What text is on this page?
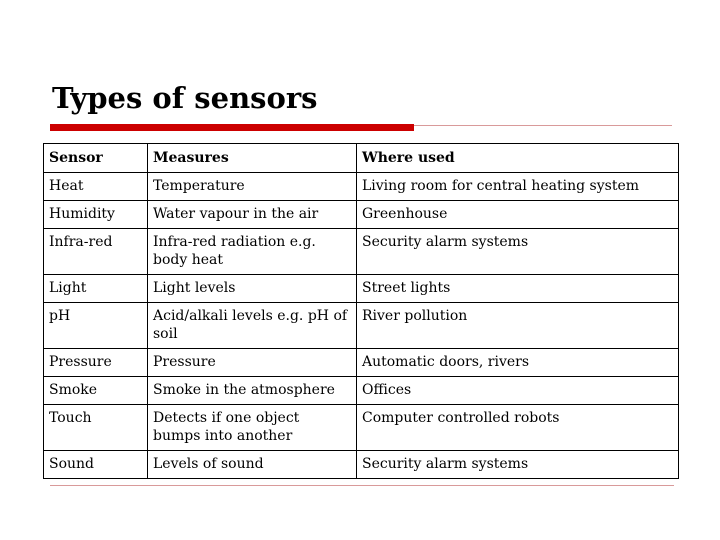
Types of sensors
Sensor	Measures	Where used
Heat	Temperature	Living room for central heating system
Humidity	Water vapour in the air	Greenhouse
Infra-red	Infra-red radiation e.g. body heat	Security alarm systems
Light	Light levels	Street lights
pH	Acid/alkali levels e.g. pH of soil	River pollution
Pressure	Pressure	Automatic doors, rivers
Smoke	Smoke in the atmosphere	Offices
Touch	Detects if one object bumps into another	Computer controlled robots
Sound	Levels of sound	Security alarm systems
